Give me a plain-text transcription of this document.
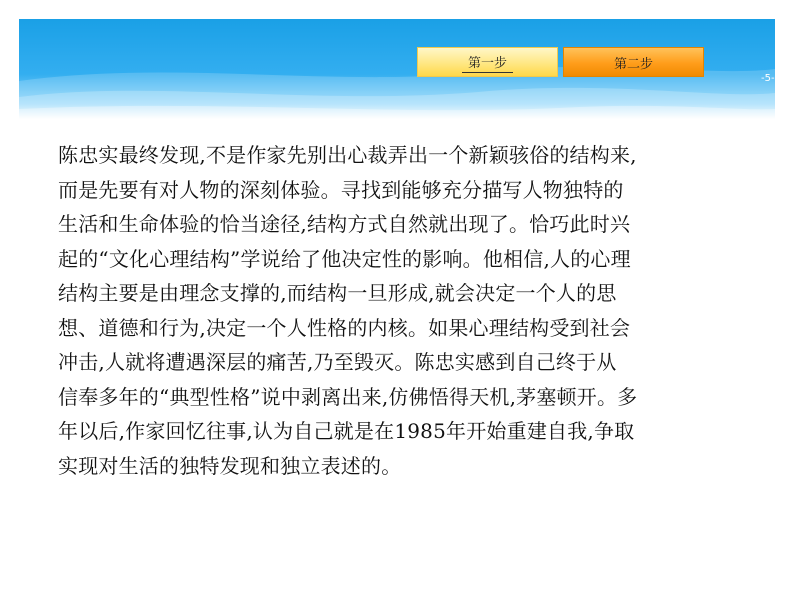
第一步	第二步
-5-
陈忠实最终发现,不是作家先别出心裁弄出一个新颖骇俗的结构来,
而是先要有对人物的深刻体验。寻找到能够充分描写人物独特的
生活和生命体验的恰当途径,结构方式自然就出现了。恰巧此时兴
起的“文化心理结构”学说给了他决定性的影响。他相信,人的心理
结构主要是由理念支撑的,而结构一旦形成,就会决定一个人的思
想、道德和行为,决定一个人性格的内核。如果心理结构受到社会
冲击,人就将遭遇深层的痛苦,乃至毁灭。陈忠实感到自己终于从
信奉多年的“典型性格”说中剥离出来,仿佛悟得天机,茅塞顿开。多
年以后,作家回忆往事,认为自己就是在1985年开始重建自我,争取
实现对生活的独特发现和独立表述的。
